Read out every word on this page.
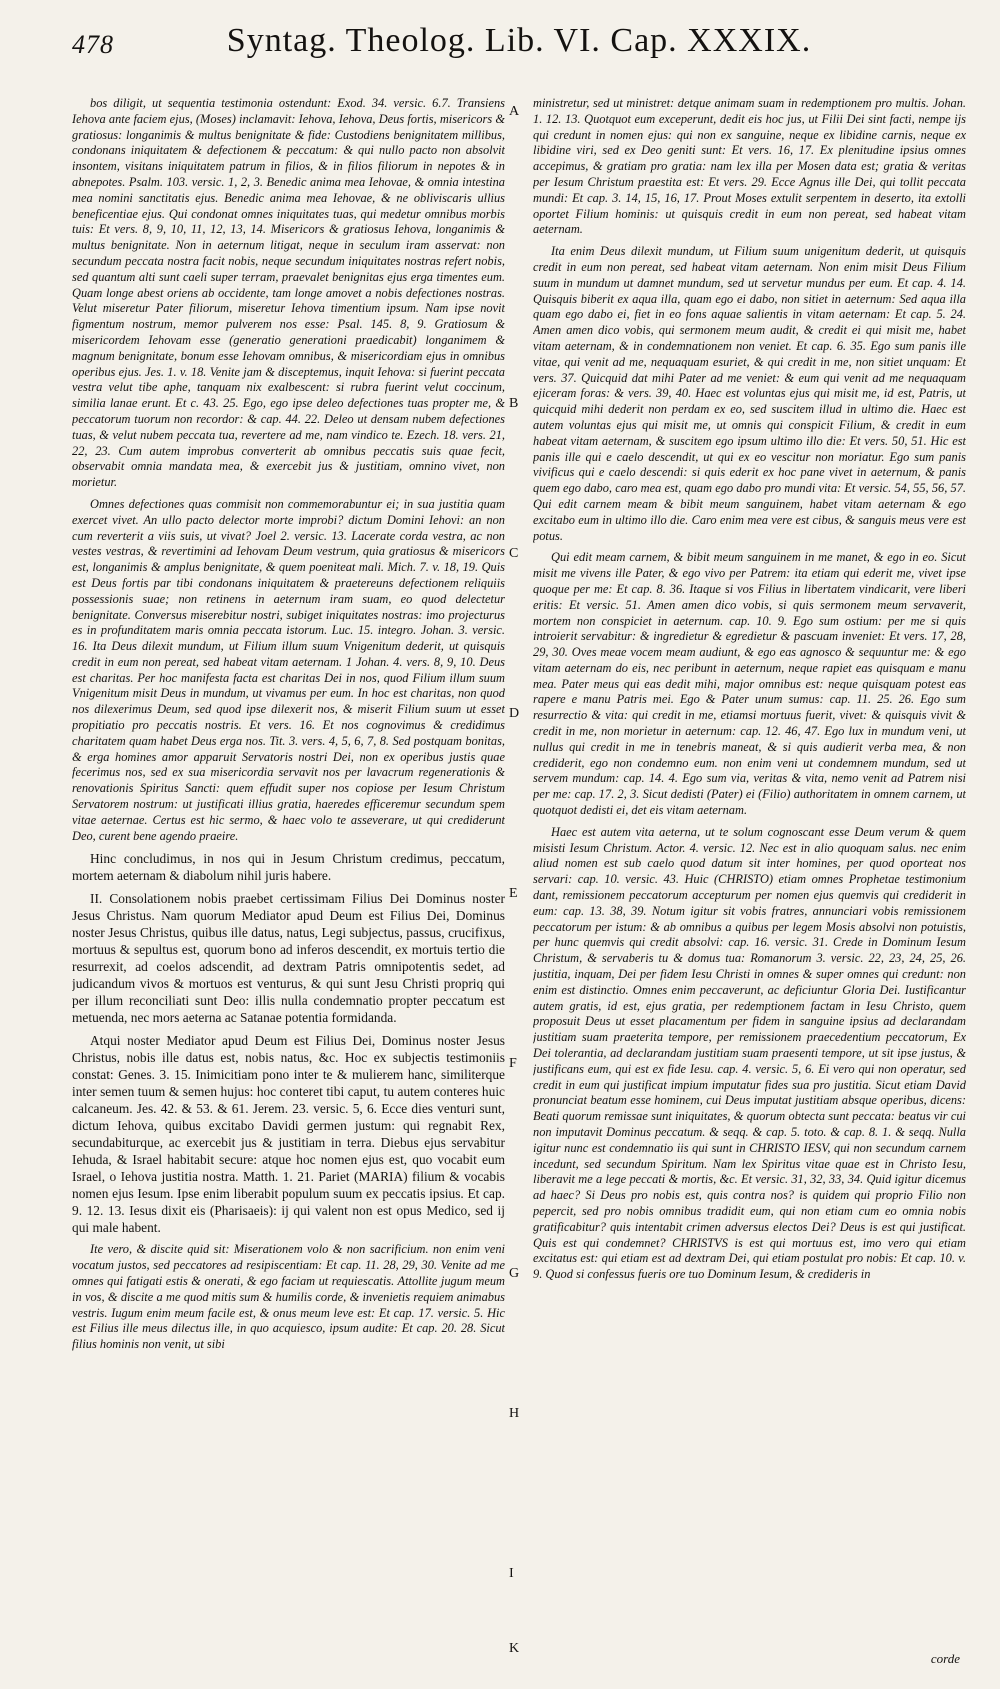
478	Syntag. Theolog. Lib. VI. Cap. XXXIX.

bos diligit, ut sequentia testimonia ostendunt: Exod. 34. versic. 6.7. Transiens Iehova ante faciem ejus, (Moses) inclamavit: Iehova, Iehova, Deus fortis, misericors & gratiosus: longanimis & multus benignitate & fide: Custodiens benignitatem millibus, condonans iniquitatem & defectionem & peccatum: & qui nullo pacto non absolvit insontem, visitans iniquitatem patrum in filios, & in filios filiorum in nepotes & in abnepotes. Psalm. 103. versic. 1, 2, 3. Benedic anima mea Iehovae, & omnia intestina mea nomini sanctitatis ejus. Benedic anima mea Iehovae, & ne obliviscaris ullius beneficentiae ejus. Qui condonat omnes iniquitates tuas, qui medetur omnibus morbis tuis: Et vers. 8, 9, 10, 11, 12, 13, 14. Misericors & gratiosus Iehova, longanimis & multus benignitate. Non in aeternum litigat, neque in seculum iram asservat: non secundum peccata nostra facit nobis, neque secundum iniquitates nostras refert nobis, sed quantum alti sunt caeli super terram, praevalet benignitas ejus erga timentes eum. Quam longe abest oriens ab occidente, tam longe amovet a nobis defectiones nostras. Velut miseretur Pater filiorum, miseretur Iehova timentium ipsum. Nam ipse novit figmentum nostrum, memor pulverem nos esse: Psal. 145. 8, 9. Gratiosum & misericordem Iehovam esse (generatio generationi praedicabit) longanimem & magnum benignitate, bonum esse Iehovam omnibus, & misericordiam ejus in omnibus operibus ejus. Jes. 1. v. 18. Venite jam & disceptemus, inquit Iehova: si fuerint peccata vestra velut tibe aphe, tanquam nix exalbescent: si rubra fuerint velut coccinum, similia lanae erunt. Et c. 43. 25. Ego, ego ipse deleo defectiones tuas propter me, & peccatorum tuorum non recordor: & cap. 44. 22. Deleo ut densam nubem defectiones tuas, & velut nubem peccata tua, revertere ad me, nam vindico te. Ezech. 18. vers. 21, 22, 23. Cum autem improbus converterit ab omnibus peccatis suis quae fecit, observabit omnia mandata mea, & exercebit jus & justitiam, omnino vivet, non morietur.

Omnes defectiones quas commisit non commemorabuntur ei; in sua justitia quam exercet vivet. An ullo pacto delector morte improbi? dictum Domini Iehovi: an non cum reverterit a viis suis, ut vivat? Joel 2. versic. 13. Lacerate corda vestra, ac non vestes vestras, & revertimini ad Iehovam Deum vestrum, quia gratiosus & misericors est, longanimis & amplus benignitate, & quem poeniteat mali. Mich. 7. v. 18, 19. Quis est Deus fortis par tibi condonans iniquitatem & praetereuns defectionem reliquiis possessionis suae; non retinens in aeternum iram suam, eo quod delectetur benignitate. Conversus miserebitur nostri, subiget iniquitates nostras: imo projecturus es in profunditatem maris omnia peccata istorum. Luc. 15. integro. Johan. 3. versic. 16. Ita Deus dilexit mundum, ut Filium illum suum Vnigenitum dederit, ut quisquis credit in eum non pereat, sed habeat vitam aeternam. 1 Johan. 4. vers. 8, 9, 10. Deus est charitas. Per hoc manifesta facta est charitas Dei in nos, quod Filium illum suum Vnigenitum misit Deus in mundum, ut vivamus per eum. In hoc est charitas, non quod nos dilexerimus Deum, sed quod ipse dilexerit nos, & miserit Filium suum ut esset propitiatio pro peccatis nostris. Et vers. 16. Et nos cognovimus & credidimus charitatem quam habet Deus erga nos. Tit. 3. vers. 4, 5, 6, 7, 8. Sed postquam bonitas, & erga homines amor apparuit Servatoris nostri Dei, non ex operibus justis quae fecerimus nos, sed ex sua misericordia servavit nos per lavacrum regenerationis & renovationis Spiritus Sancti: quem effudit super nos copiose per Iesum Christum Servatorem nostrum: ut justificati illius gratia, haeredes efficeremur secundum spem vitae aeternae. Certus est hic sermo, & haec volo te asseverare, ut qui crediderunt Deo, curent bene agendo praeire.

Hinc concludimus, in nos qui in Jesum Christum credimus, peccatum, mortem aeternam & diabolum nihil juris habere.

II. Consolationem nobis praebet certissimam Filius Dei Dominus noster Jesus Christus. Nam quorum Mediator apud Deum est Filius Dei, Dominus noster Jesus Christus, quibus ille datus, natus, Legi subjectus, passus, crucifixus, mortuus & sepultus est, quorum bono ad inferos descendit, ex mortuis tertio die resurrexit, ad coelos adscendit, ad dextram Patris omnipotentis sedet, ad judicandum vivos & mortuos est venturus, & qui sunt Jesu Christi propriq qui per illum reconciliati sunt Deo: illis nulla condemnatio propter peccatum est metuenda, nec mors aeterna ac Satanae potentia formidanda.

Atqui noster Mediator apud Deum est Filius Dei, Dominus noster Jesus Christus, nobis ille datus est, nobis natus, &c. Hoc ex subjectis testimoniis constat: Genes. 3. 15. Inimicitiam pono inter te & mulierem hanc, similiterque inter semen tuum & semen hujus: hoc conteret tibi caput, tu autem conteres huic calcaneum. Jes. 42. & 53. & 61. Jerem. 23. versic. 5, 6. Ecce dies venturi sunt, dictum Iehova, quibus excitabo Davidi germen justum: qui regnabit Rex, secundabiturque, ac exercebit jus & justitiam in terra. Diebus ejus servabitur Iehuda, & Israel habitabit secure: atque hoc nomen ejus est, quo vocabit eum Israel, o Iehova justitia nostra. Matth. 1. 21. Pariet (MARIA) filium & vocabis nomen ejus Iesum. Ipse enim liberabit populum suum ex peccatis ipsius. Et cap. 9. 12. 13. Iesus dixit eis (Pharisaeis): ij qui valent non est opus Medico, sed ij qui male habent.

Ite vero, & discite quid sit: Miserationem volo & non sacrificium. non enim veni vocatum justos, sed peccatores ad resipiscentiam: Et cap. 11. 28, 29, 30. Venite ad me omnes qui fatigati estis & onerati, & ego faciam ut requiescatis. Attollite jugum meum in vos, & discite a me quod mitis sum & humilis corde, & invenietis requiem animabus vestris. Iugum enim meum facile est, & onus meum leve est: Et cap. 17. versic. 5. Hic est Filius ille meus dilectus ille, in quo acquiesco, ipsum audite: Et cap. 20. 28. Sicut filius hominis non venit, ut sibi

ministretur, sed ut ministret: detque animam suam in redemptionem pro multis. Johan. 1. 12. 13. Quotquot eum exceperunt, dedit eis hoc jus, ut Filii Dei sint facti, nempe ijs qui credunt in nomen ejus: qui non ex sanguine, neque ex libidine carnis, neque ex libidine viri, sed ex Deo geniti sunt: Et vers. 16, 17. Ex plenitudine ipsius omnes accepimus, & gratiam pro gratia: nam lex illa per Mosen data est; gratia & veritas per Iesum Christum praestita est: Et vers. 29. Ecce Agnus ille Dei, qui tollit peccata mundi: Et cap. 3. 14, 15, 16, 17. Prout Moses extulit serpentem in deserto, ita extolli oportet Filium hominis: ut quisquis credit in eum non pereat, sed habeat vitam aeternam.

Ita enim Deus dilexit mundum, ut Filium suum unigenitum dederit, ut quisquis credit in eum non pereat, sed habeat vitam aeternam. Non enim misit Deus Filium suum in mundum ut damnet mundum, sed ut servetur mundus per eum. Et cap. 4. 14. Quisquis biberit ex aqua illa, quam ego ei dabo, non sitiet in aeternum: Sed aqua illa quam ego dabo ei, fiet in eo fons aquae salientis in vitam aeternam: Et cap. 5. 24. Amen amen dico vobis, qui sermonem meum audit, & credit ei qui misit me, habet vitam aeternam, & in condemnationem non veniet. Et cap. 6. 35. Ego sum panis ille vitae, qui venit ad me, nequaquam esuriet, & qui credit in me, non sitiet unquam: Et vers. 37. Quicquid dat mihi Pater ad me veniet: & eum qui venit ad me nequaquam ejiceram foras: & vers. 39, 40. Haec est voluntas ejus qui misit me, id est, Patris, ut quicquid mihi dederit non perdam ex eo, sed suscitem illud in ultimo die. Haec est autem voluntas ejus qui misit me, ut omnis qui conspicit Filium, & credit in eum habeat vitam aeternam, & suscitem ego ipsum ultimo illo die: Et vers. 50, 51. Hic est panis ille qui e caelo descendit, ut qui ex eo vescitur non moriatur. Ego sum panis vivificus qui e caelo descendi: si quis ederit ex hoc pane vivet in aeternum, & panis quem ego dabo, caro mea est, quam ego dabo pro mundi vita: Et versic. 54, 55, 56, 57. Qui edit carnem meam & bibit meum sanguinem, habet vitam aeternam & ego excitabo eum in ultimo illo die. Caro enim mea vere est cibus, & sanguis meus vere est potus.

Qui edit meam carnem, & bibit meum sanguinem in me manet, & ego in eo. Sicut misit me vivens ille Pater, & ego vivo per Patrem: ita etiam qui ederit me, vivet ipse quoque per me: Et cap. 8. 36. Itaque si vos Filius in libertatem vindicarit, vere liberi eritis: Et versic. 51. Amen amen dico vobis, si quis sermonem meum servaverit, mortem non conspiciet in aeternum. cap. 10. 9. Ego sum ostium: per me si quis introierit servabitur: & ingredietur & egredietur & pascuam inveniet: Et vers. 17, 28, 29, 30. Oves meae vocem meam audiunt, & ego eas agnosco & sequuntur me: & ego vitam aeternam do eis, nec peribunt in aeternum, neque rapiet eas quisquam e manu mea. Pater meus qui eas dedit mihi, major omnibus est: neque quisquam potest eas rapere e manu Patris mei. Ego & Pater unum sumus: cap. 11. 25. 26. Ego sum resurrectio & vita: qui credit in me, etiamsi mortuus fuerit, vivet: & quisquis vivit & credit in me, non morietur in aeternum: cap. 12. 46, 47. Ego lux in mundum veni, ut nullus qui credit in me in tenebris maneat, & si quis audierit verba mea, & non crediderit, ego non condemno eum. non enim veni ut condemnem mundum, sed ut servem mundum: cap. 14. 4. Ego sum via, veritas & vita, nemo venit ad Patrem nisi per me: cap. 17. 2, 3. Sicut dedisti (Pater) ei (Filio) authoritatem in omnem carnem, ut quotquot dedisti ei, det eis vitam aeternam.

Haec est autem vita aeterna, ut te solum cognoscant esse Deum verum & quem misisti Iesum Christum. Actor. 4. versic. 12. Nec est in alio quoquam salus. nec enim aliud nomen est sub caelo quod datum sit inter homines, per quod oporteat nos servari: cap. 10. versic. 43. Huic (CHRISTO) etiam omnes Prophetae testimonium dant, remissionem peccatorum accepturum per nomen ejus quemvis qui crediderit in eum: cap. 13. 38, 39. Notum igitur sit vobis fratres, annunciari vobis remissionem peccatorum per istum: & ab omnibus a quibus per legem Mosis absolvi non potuistis, per hunc quemvis qui credit absolvi: cap. 16. versic. 31. Crede in Dominum Iesum Christum, & servaberis tu & domus tua: Romanorum 3. versic. 22, 23, 24, 25, 26. justitia, inquam, Dei per fidem Iesu Christi in omnes & super omnes qui credunt: non enim est distinctio. Omnes enim peccaverunt, ac deficiuntur Gloria Dei. Iustificantur autem gratis, id est, ejus gratia, per redemptionem factam in Iesu Christo, quem proposuit Deus ut esset placamentum per fidem in sanguine ipsius ad declarandam justitiam suam praeterita tempore, per remissionem praecedentium peccatorum, Ex Dei tolerantia, ad declarandam justitiam suam praesenti tempore, ut sit ipse justus, & justificans eum, qui est ex fide Iesu. cap. 4. versic. 5, 6. Ei vero qui non operatur, sed credit in eum qui justificat impium imputatur fides sua pro justitia. Sicut etiam David pronunciat beatum esse hominem, cui Deus imputat justitiam absque operibus, dicens: Beati quorum remissae sunt iniquitates, & quorum obtecta sunt peccata: beatus vir cui non imputavit Dominus peccatum. & seqq. & cap. 5. toto. & cap. 8. 1. & seqq. Nulla igitur nunc est condemnatio iis qui sunt in CHRISTO IESV, qui non secundum carnem incedunt, sed secundum Spiritum. Nam lex Spiritus vitae quae est in Christo Iesu, liberavit me a lege peccati & mortis, &c. Et versic. 31, 32, 33, 34. Quid igitur dicemus ad haec? Si Deus pro nobis est, quis contra nos? is quidem qui proprio Filio non pepercit, sed pro nobis omnibus tradidit eum, qui non etiam cum eo omnia nobis gratificabitur? quis intentabit crimen adversus electos Dei? Deus is est qui justificat. Quis est qui condemnet? CHRISTVS is est qui mortuus est, imo vero qui etiam excitatus est: qui etiam est ad dextram Dei, qui etiam postulat pro nobis: Et cap. 10. v. 9. Quod si confessus fueris ore tuo Dominum Iesum, & credideris in

A
B
C
D
E
F
G
H
I
K
corde
